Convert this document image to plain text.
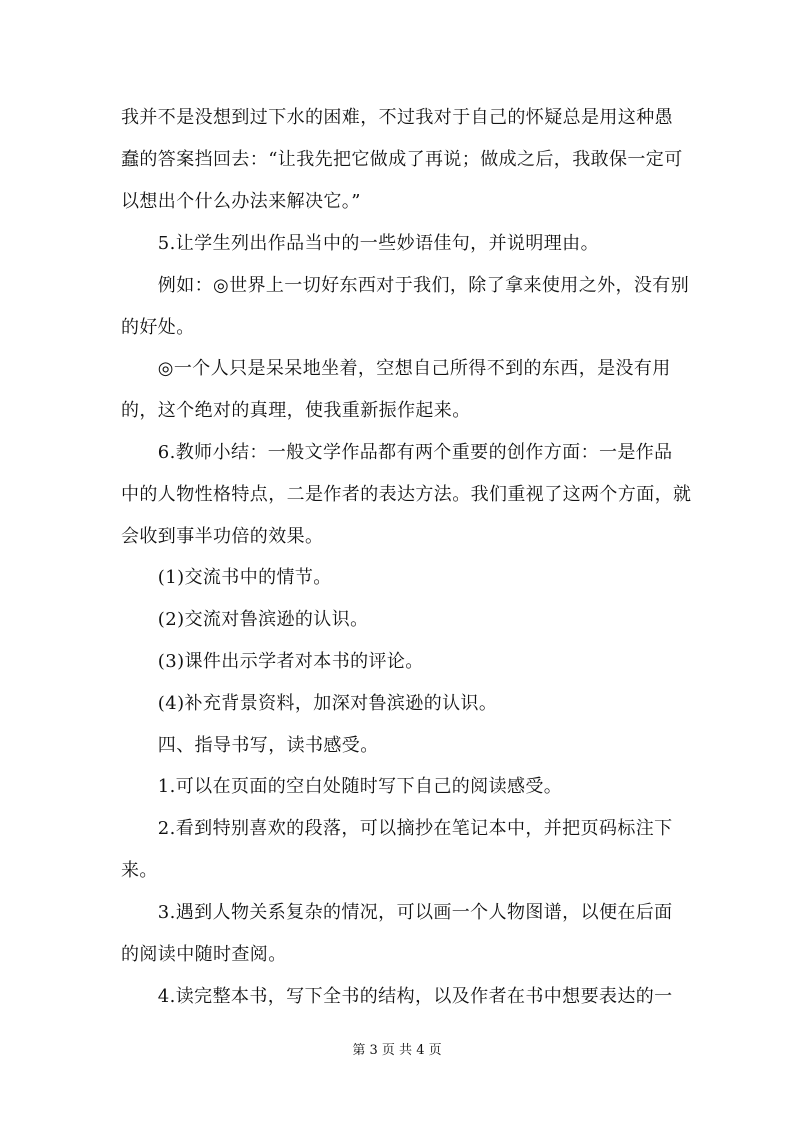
我并不是没想到过下水的困难，不过我对于自己的怀疑总是用这种愚
蠢的答案挡回去：“让我先把它做成了再说；做成之后，我敢保一定可
以想出个什么办法来解决它。”
　　5.让学生列出作品当中的一些妙语佳句，并说明理由。
　　例如：◎世界上一切好东西对于我们，除了拿来使用之外，没有别
的好处。
　　◎一个人只是呆呆地坐着，空想自己所得不到的东西，是没有用
的，这个绝对的真理，使我重新振作起来。
　　6.教师小结：一般文学作品都有两个重要的创作方面：一是作品
中的人物性格特点，二是作者的表达方法。我们重视了这两个方面，就
会收到事半功倍的效果。
　　(1)交流书中的情节。
　　(2)交流对鲁滨逊的认识。
　　(3)课件出示学者对本书的评论。
　　(4)补充背景资料，加深对鲁滨逊的认识。
　　四、指导书写，读书感受。
　　1.可以在页面的空白处随时写下自己的阅读感受。
　　2.看到特别喜欢的段落，可以摘抄在笔记本中，并把页码标注下
来。
　　3.遇到人物关系复杂的情况，可以画一个人物图谱，以便在后面
的阅读中随时查阅。
　　4.读完整本书，写下全书的结构，以及作者在书中想要表达的一
第 3 页 共 4 页
